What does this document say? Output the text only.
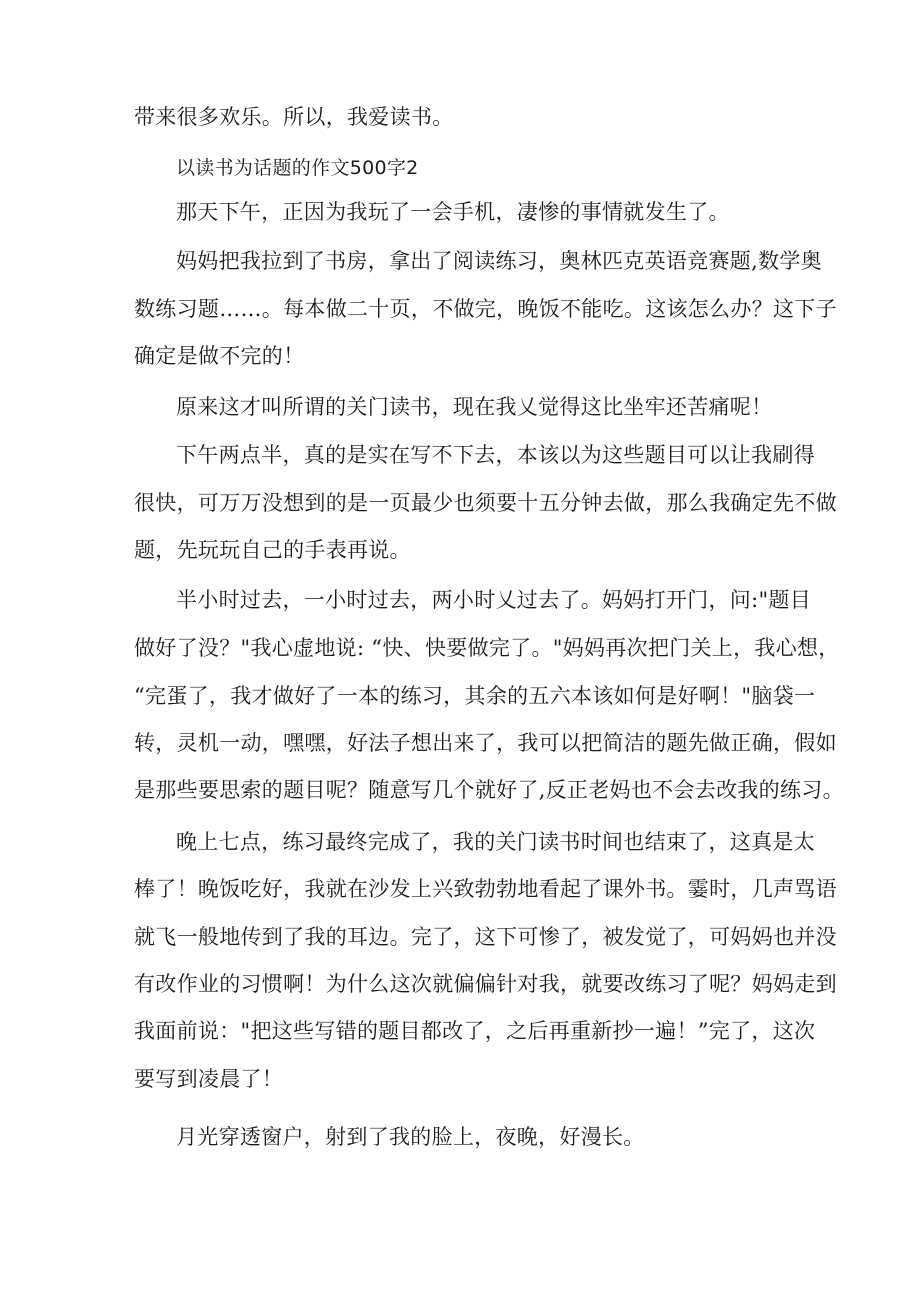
带来很多欢乐。所以，我爱读书。
以读书为话题的作文500字2
那天下午，正因为我玩了一会手机，凄惨的事情就发生了。
妈妈把我拉到了书房，拿出了阅读练习，奥林匹克英语竞赛题,数学奥
数练习题……。每本做二十页，不做完，晚饭不能吃。这该怎么办？这下子
确定是做不完的！
原来这才叫所谓的关门读书，现在我乂觉得这比坐牢还苦痛呢！
下午两点半，真的是实在写不下去，本该以为这些题目可以让我刷得
很快，可万万没想到的是一页最少也须要十五分钟去做，那么我确定先不做
题，先玩玩自己的手表再说。
半小时过去，一小时过去，两小时乂过去了。妈妈打开门，问:"题目
做好了没？"我心虚地说: “快、快要做完了。"妈妈再次把门关上，我心想，
“完蛋了，我才做好了一本的练习，其余的五六本该如何是好啊！"脑袋一
转，灵机一动，嘿嘿，好法子想出来了，我可以把简洁的题先做正确，假如
是那些要思索的题目呢？随意写几个就好了,反正老妈也不会去改我的练习。
晚上七点，练习最终完成了，我的关门读书时间也结束了，这真是太
棒了！晚饭吃好，我就在沙发上兴致勃勃地看起了课外书。霎时，几声骂语
就飞一般地传到了我的耳边。完了，这下可惨了，被发觉了，可妈妈也并没
有改作业的习惯啊！为什么这次就偏偏针对我，就要改练习了呢？妈妈走到
我面前说："把这些写错的题目都改了，之后再重新抄一遍！”完了，这次
要写到凌晨了！
月光穿透窗户，射到了我的脸上，夜晚，好漫长。
